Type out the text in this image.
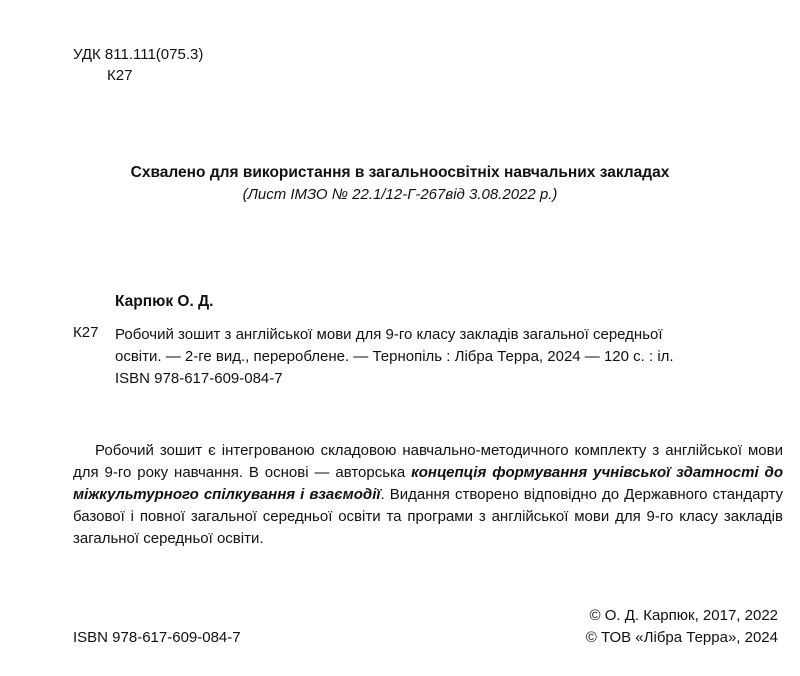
УДК 811.111(075.3)
К27
Схвалено для використання в загальноосвітніх навчальних закладах
(Лист ІМЗО № 22.1/12-Г-267від 3.08.2022 р.)
Карпюк О. Д.
К27 Робочий зошит з англійської мови для 9-го класу закладів загальної середньої
освіти. — 2-ге вид., перероблене. — Тернопіль : Лібра Терра, 2024 — 120 с. : іл.
ISBN 978-617-609-084-7
Робочий зошит є інтегрованою складовою навчально-методичного комплекту з англійської мови для 9-го року навчання. В основі — авторська концепція формування учнівської здатності до міжкультурного спілкування і взаємодії. Видання створено відповідно до Державного стандарту базової і повної загальної середньої освіти та програми з англійської мови для 9-го класу закладів загальної середньої освіти.
ISBN 978-617-609-084-7
© О. Д. Карпюк, 2017, 2022
© ТОВ «Лібра Терра», 2024
